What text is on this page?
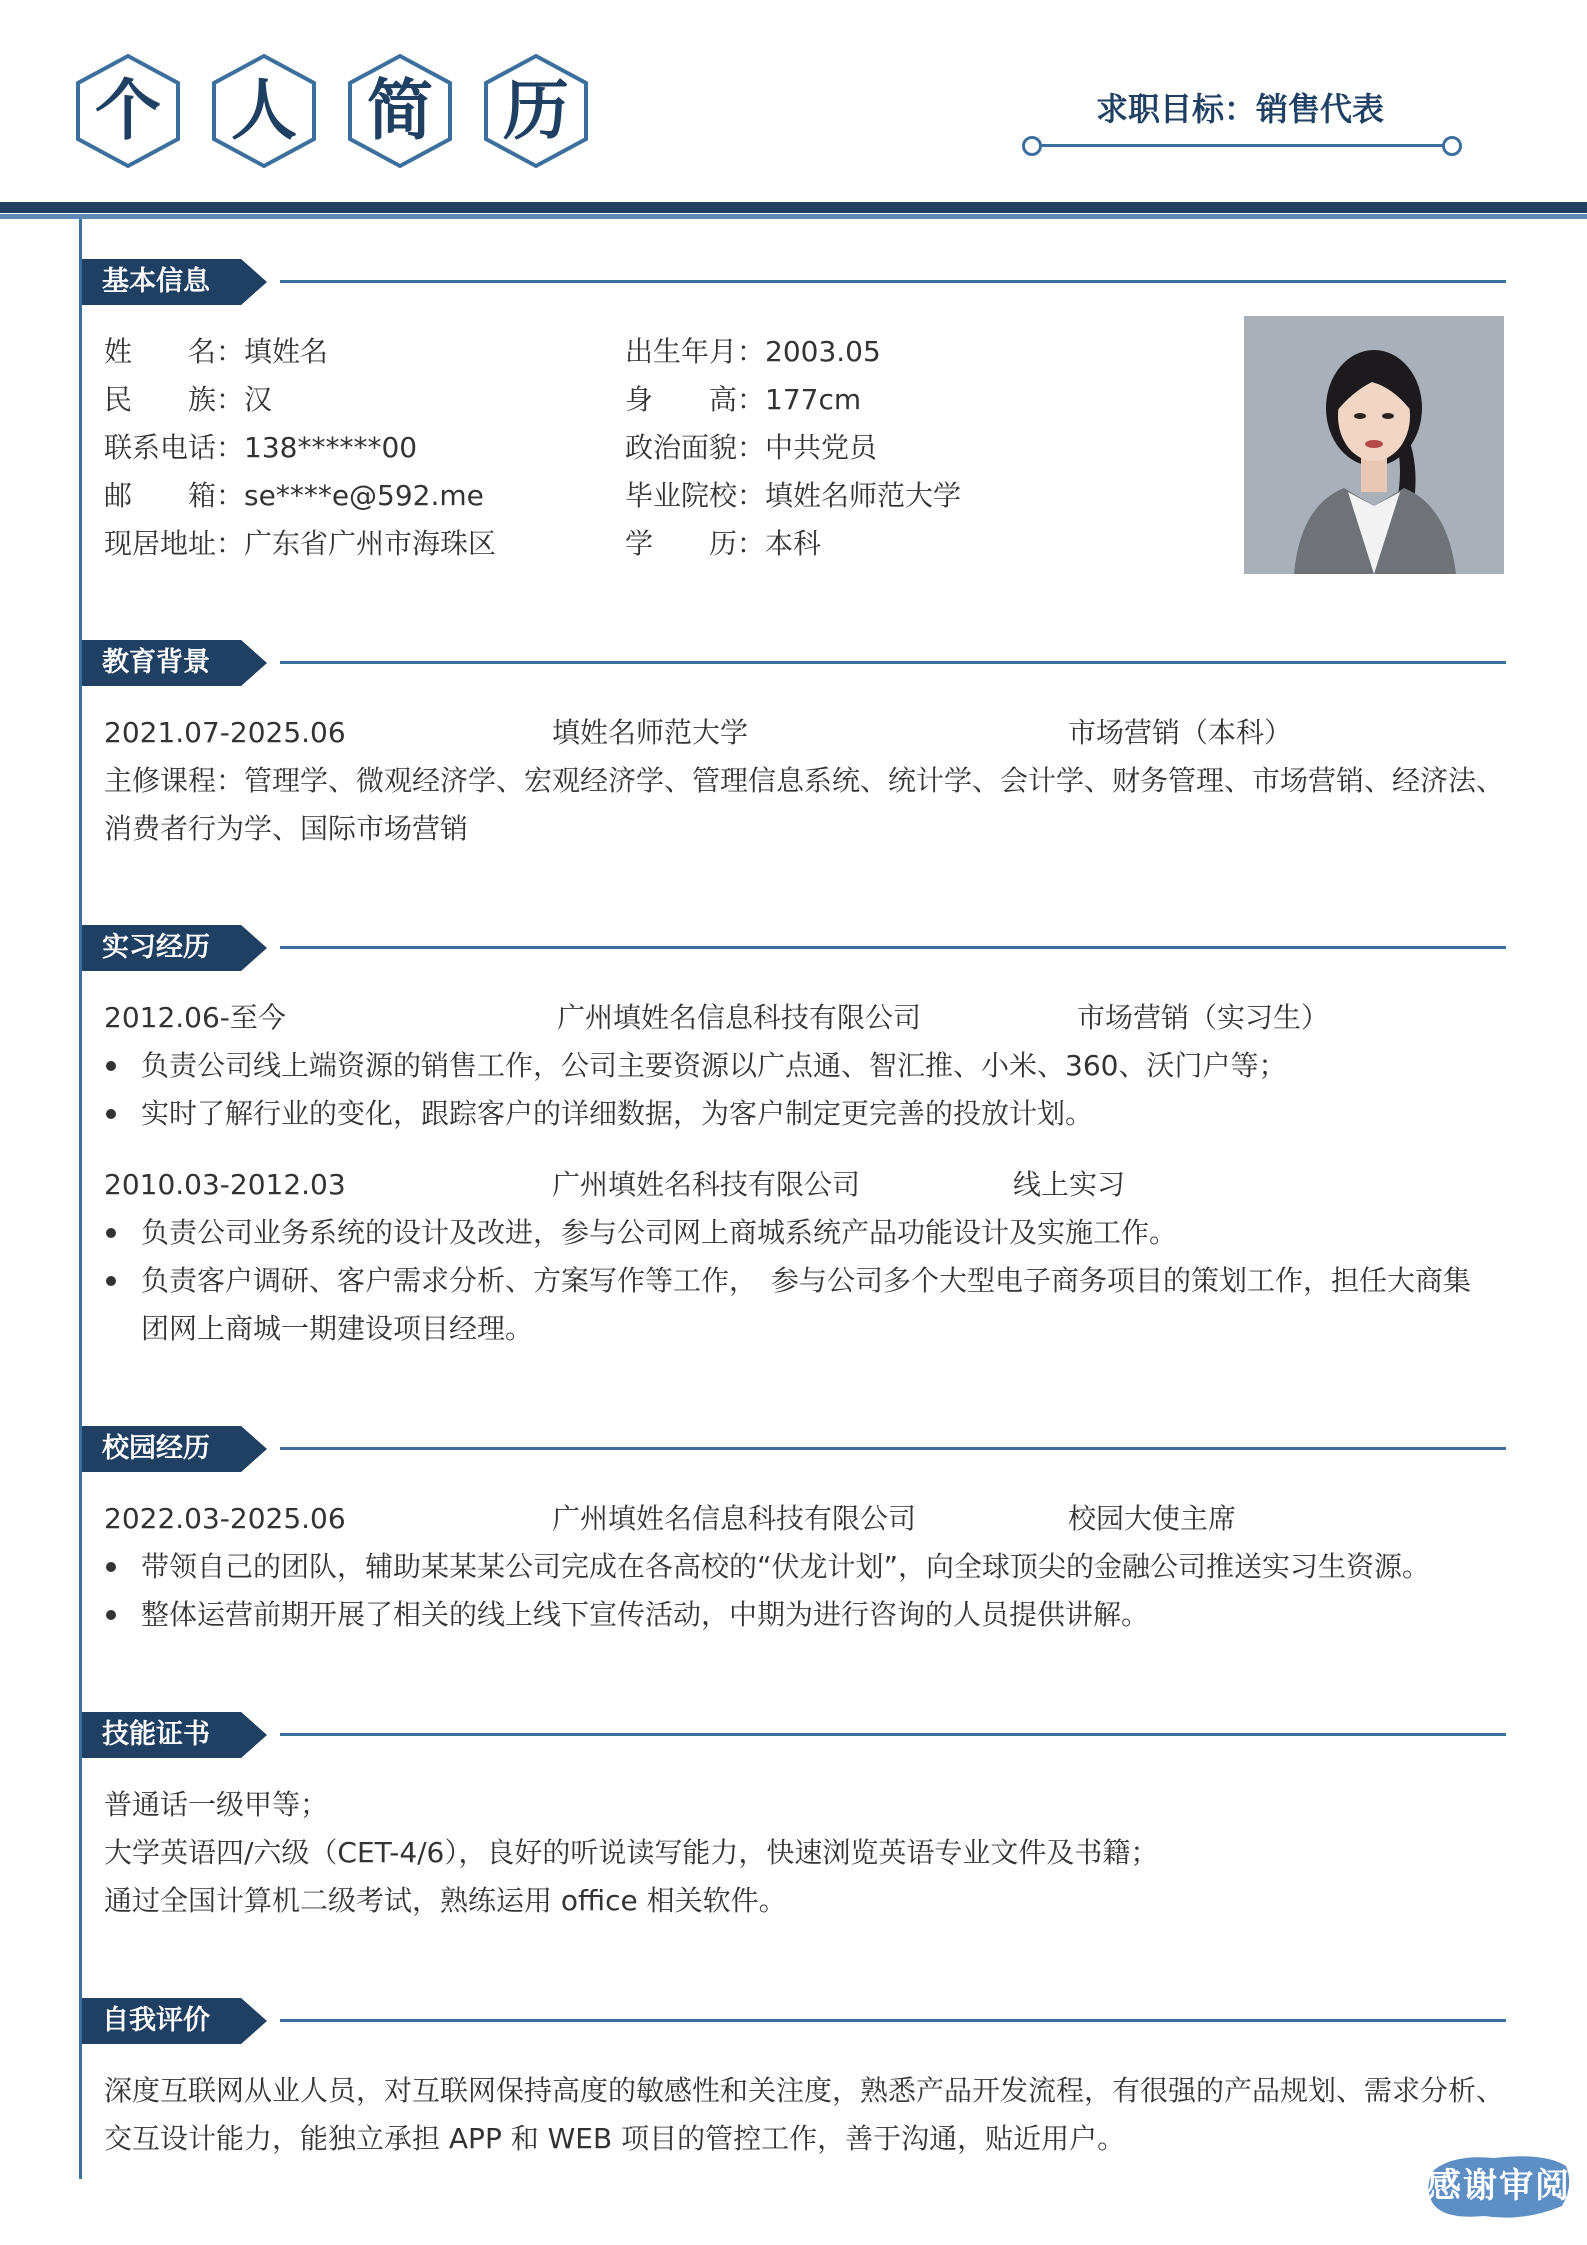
个	人	简	历	求职目标：销售代表
基本信息
姓　　名：填姓名
民　　族：汉
联系电话：138******00
邮　　箱：se****e@592.me
现居地址：广东省广州市海珠区
出生年月：2003.05
身　　高：177cm
政治面貌：中共党员
毕业院校：填姓名师范大学
学　　历：本科
教育背景
2021.07-2025.06	填姓名师范大学	市场营销（本科）
主修课程：管理学、微观经济学、宏观经济学、管理信息系统、统计学、会计学、财务管理、市场营销、经济法、
消费者行为学、国际市场营销
实习经历
2012.06-至今	广州填姓名信息科技有限公司	市场营销（实习生）
负责公司线上端资源的销售工作，公司主要资源以广点通、智汇推、小米、360、沃门户等；
实时了解行业的变化，跟踪客户的详细数据，为客户制定更完善的投放计划。
2010.03-2012.03	广州填姓名科技有限公司	线上实习
负责公司业务系统的设计及改进，参与公司网上商城系统产品功能设计及实施工作。
负责客户调研、客户需求分析、方案写作等工作，　参与公司多个大型电子商务项目的策划工作，担任大商集
团网上商城一期建设项目经理。
校园经历
2022.03-2025.06	广州填姓名信息科技有限公司	校园大使主席
带领自己的团队，辅助某某某公司完成在各高校的“伏龙计划”，向全球顶尖的金融公司推送实习生资源。
整体运营前期开展了相关的线上线下宣传活动，中期为进行咨询的人员提供讲解。
技能证书
普通话一级甲等；
大学英语四/六级（CET-4/6），良好的听说读写能力，快速浏览英语专业文件及书籍；
通过全国计算机二级考试，熟练运用 office 相关软件。
自我评价
深度互联网从业人员，对互联网保持高度的敏感性和关注度，熟悉产品开发流程，有很强的产品规划、需求分析、
交互设计能力，能独立承担 APP 和 WEB 项目的管控工作，善于沟通，贴近用户。
感谢审阅
